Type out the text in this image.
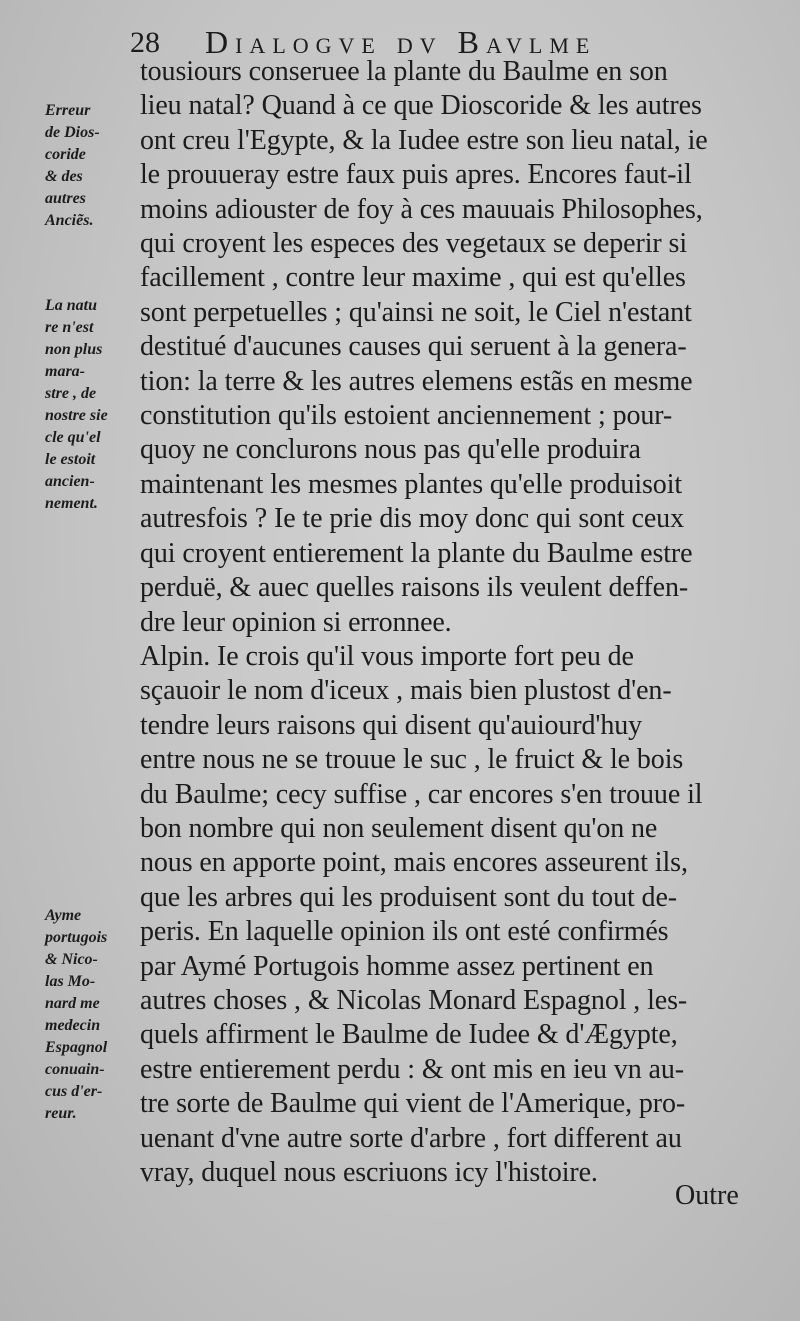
28 Dialogve dv Bavlme
Erreur
de Dios-
coride
& des
autres
Anciẽs.
La natu
re n'est
non plus
mara-
stre , de
nostre sie
cle qu'el
le estoit
ancien-
nement.
Ayme
portugois
& Nico-
las Mo-
nard me
medecin
Espagnol
conuain-
cus d'er-
reur.
tousiours conseruee la plante du Baulme en son
lieu natal? Quand à ce que Dioscoride & les autres
ont creu l'Egypte, & la Iudee estre son lieu natal, ie
le prouueray estre faux puis apres. Encores faut-il
moins adiouster de foy à ces mauuais Philosophes,
qui croyent les especes des vegetaux se deperir si
facillement , contre leur maxime , qui est qu'elles
sont perpetuelles ; qu'ainsi ne soit, le Ciel n'estant
destitué d'aucunes causes qui seruent à la genera-
tion: la terre & les autres elemens estãs en mesme
constitution qu'ils estoient anciennement ; pour-
quoy ne conclurons nous pas qu'elle produira
maintenant les mesmes plantes qu'elle produisoit
autresfois ? Ie te prie dis moy donc qui sont ceux
qui croyent entierement la plante du Baulme estre
perduë, & auec quelles raisons ils veulent deffen-
dre leur opinion si erronnee.
Alpin. Ie crois qu'il vous importe fort peu de
sçauoir le nom d'iceux , mais bien plustost d'en-
tendre leurs raisons qui disent qu'auiourd'huy
entre nous ne se trouue le suc , le fruict & le bois
du Baulme; cecy suffise , car encores s'en trouue il
bon nombre qui non seulement disent qu'on ne
nous en apporte point, mais encores asseurent ils,
que les arbres qui les produisent sont du tout de-
peris. En laquelle opinion ils ont esté confirmés
par Aymé Portugois homme assez pertinent en
autres choses , & Nicolas Monard Espagnol , les-
quels affirment le Baulme de Iudee & d'Ægypte,
estre entierement perdu : & ont mis en ieu vn au-
tre sorte de Baulme qui vient de l'Amerique, pro-
uenant d'vne autre sorte d'arbre , fort different au
vray, duquel nous escriuons icy l'histoire.
Outre
